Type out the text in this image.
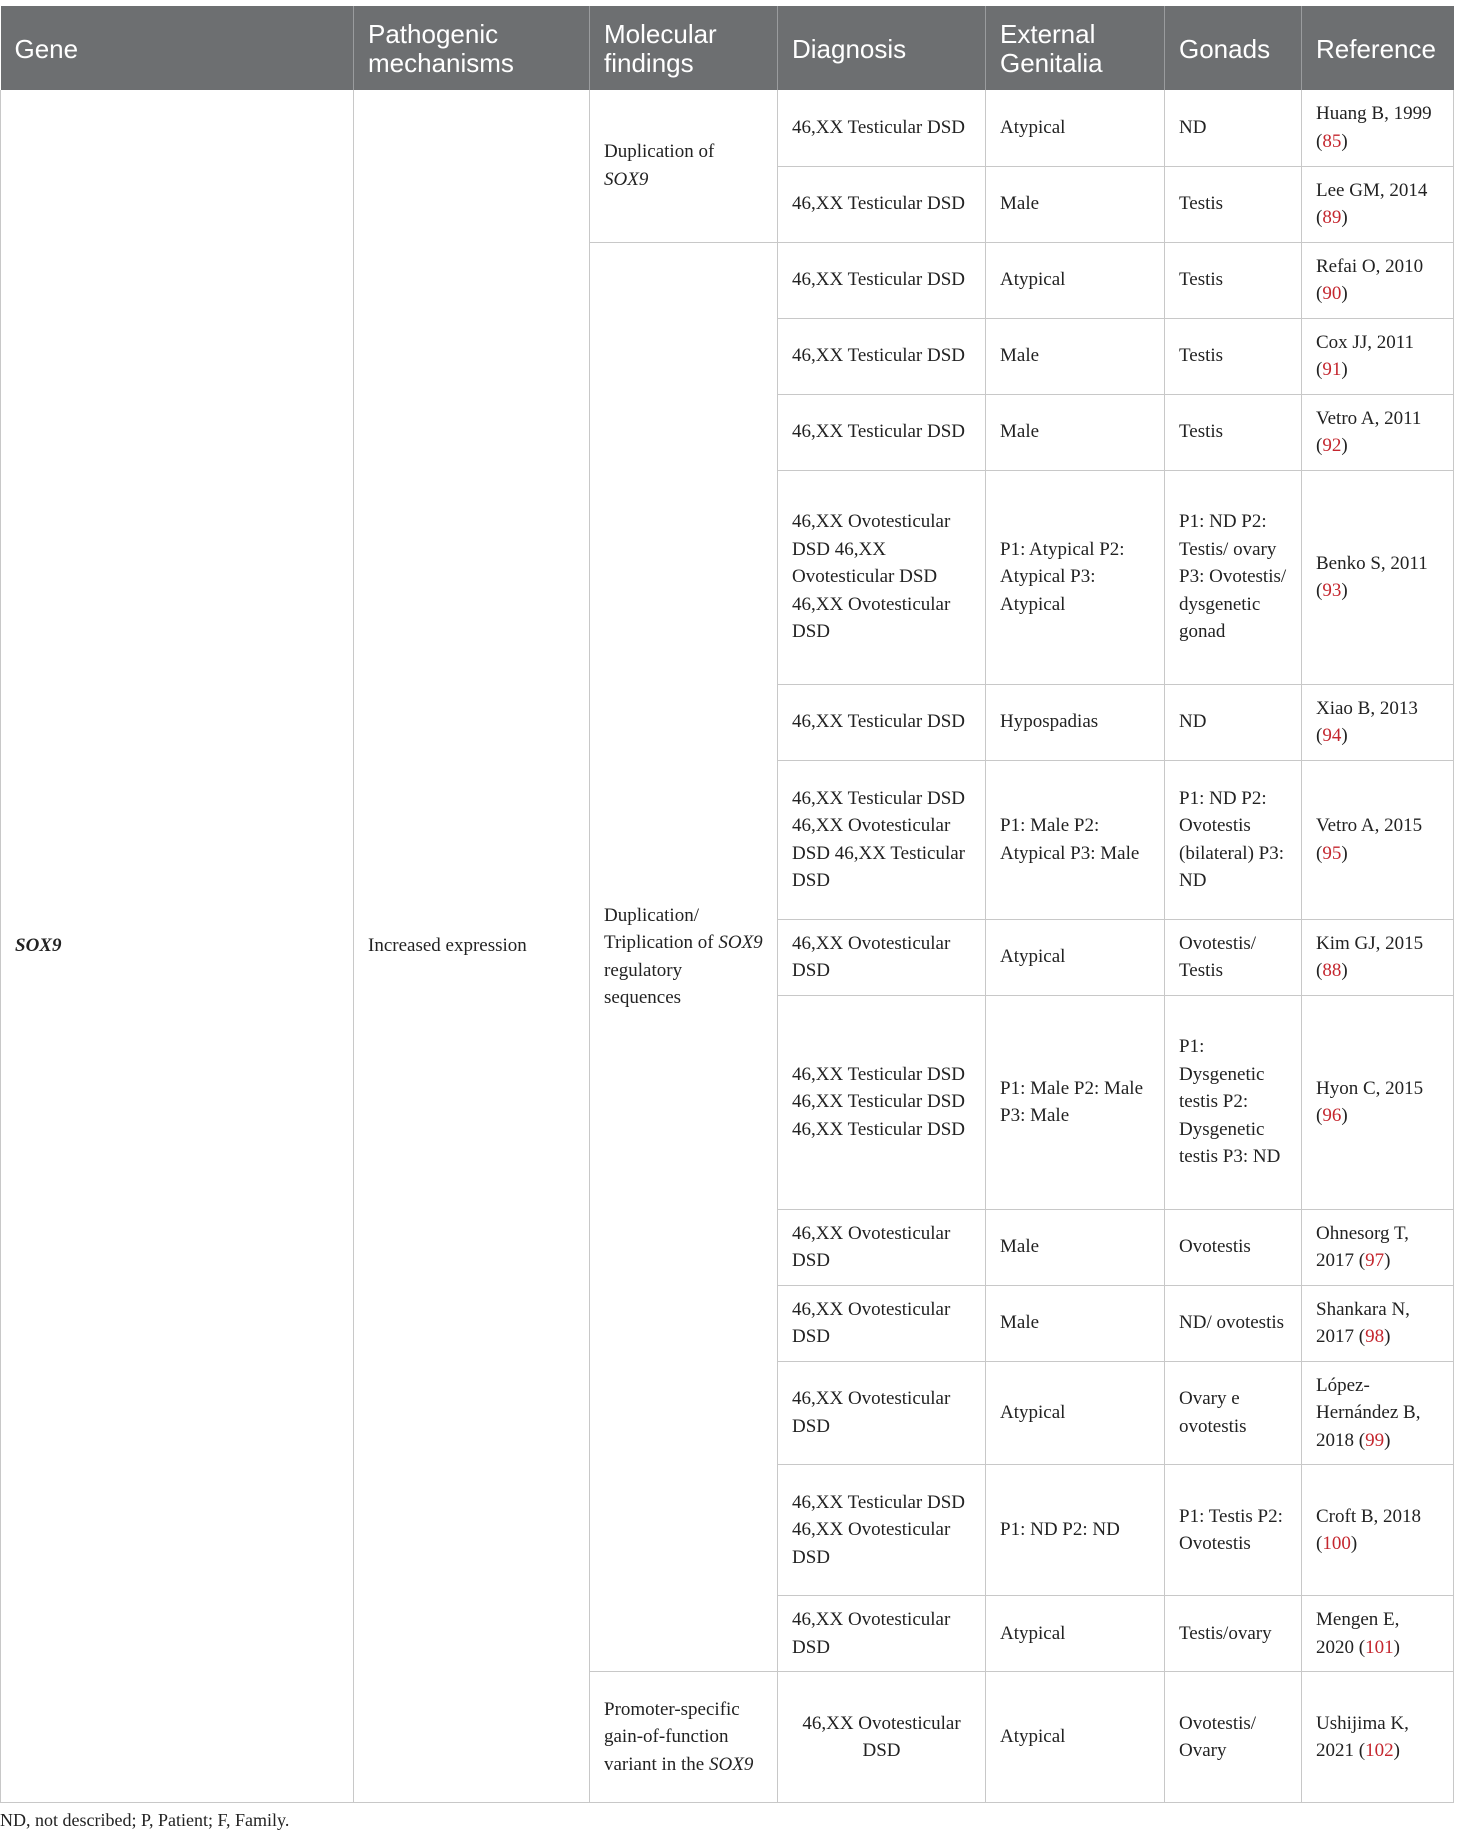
Gene	Pathogenic mechanisms	Molecular findings	Diagnosis	External Genitalia	Gonads	Reference
SOX9	Increased expression	Duplication of SOX9	46,XX Testicular DSD	Atypical	ND	Huang B, 1999 (85)
			46,XX Testicular DSD	Male	Testis	Lee GM, 2014 (89)
		Duplication/ Triplication of SOX9 regulatory sequences	46,XX Testicular DSD	Atypical	Testis	Refai O, 2010 (90)
			46,XX Testicular DSD	Male	Testis	Cox JJ, 2011 (91)
			46,XX Testicular DSD	Male	Testis	Vetro A, 2011 (92)
			46,XX Ovotesticular DSD 46,XX Ovotesticular DSD 46,XX Ovotesticular DSD	P1: Atypical P2: Atypical P3: Atypical	P1: ND P2: Testis/ ovary P3: Ovotestis/ dysgenetic gonad	Benko S, 2011 (93)
			46,XX Testicular DSD	Hypospadias	ND	Xiao B, 2013 (94)
			46,XX Testicular DSD 46,XX Ovotesticular DSD 46,XX Testicular DSD	P1: Male P2: Atypical P3: Male	P1: ND P2: Ovotestis (bilateral) P3: ND	Vetro A, 2015 (95)
			46,XX Ovotesticular DSD	Atypical	Ovotestis/ Testis	Kim GJ, 2015 (88)
			46,XX Testicular DSD 46,XX Testicular DSD 46,XX Testicular DSD	P1: Male P2: Male P3: Male	P1: Dysgenetic testis P2: Dysgenetic testis P3: ND	Hyon C, 2015 (96)
			46,XX Ovotesticular DSD	Male	Ovotestis	Ohnesorg T, 2017 (97)
			46,XX Ovotesticular DSD	Male	ND/ ovotestis	Shankara N, 2017 (98)
			46,XX Ovotesticular DSD	Atypical	Ovary e ovotestis	López-Hernández B, 2018 (99)
			46,XX Testicular DSD 46,XX Ovotesticular DSD	P1: ND P2: ND	P1: Testis P2: Ovotestis	Croft B, 2018 (100)
			46,XX Ovotesticular DSD	Atypical	Testis/ovary	Mengen E, 2020 (101)
		Promoter-specific gain-of-function variant in the SOX9	46,XX Ovotesticular DSD	Atypical	Ovotestis/ Ovary	Ushijima K, 2021 (102)
ND, not described; P, Patient; F, Family.
